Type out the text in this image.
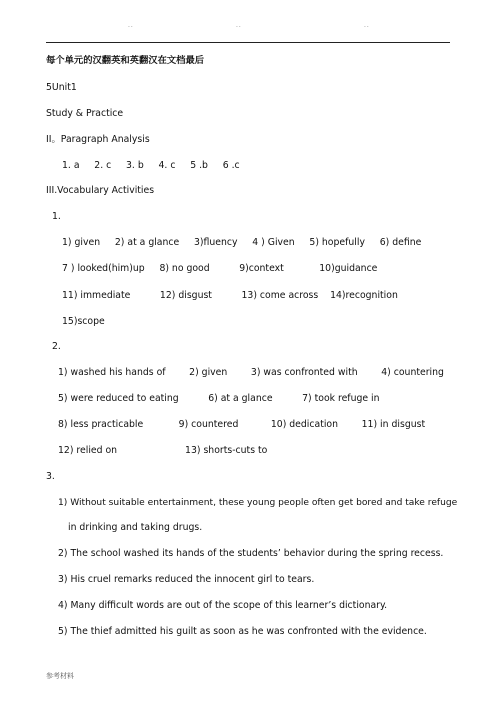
..	..	..
每个单元的汉翻英和英翻汉在文档最后
5Unit1
Study & Practice
II。Paragraph Analysis
1. a     2. c     3. b     4. c     5 .b     6 .c
III.Vocabulary Activities
1.
1) given     2) at a glance     3)fluency     4 ) Given     5) hopefully     6) define
7 ) looked(him)up     8) no good          9)context            10)guidance
11) immediate          12) disgust          13) come across    14)recognition
15)scope
2.
1) washed his hands of        2) given        3) was confronted with        4) countering
5) were reduced to eating          6) at a glance          7) took refuge in
8) less practicable            9) countered           10) dedication        11) in disgust
12) relied on                       13) shorts-cuts to
3.
1) Without suitable entertainment, these young people often get bored and take refuge
in drinking and taking drugs.
2) The school washed its hands of the students’ behavior during the spring recess.
3) His cruel remarks reduced the innocent girl to tears.
4) Many difficult words are out of the scope of this learner’s dictionary.
5) The thief admitted his guilt as soon as he was confronted with the evidence.
参考材料
